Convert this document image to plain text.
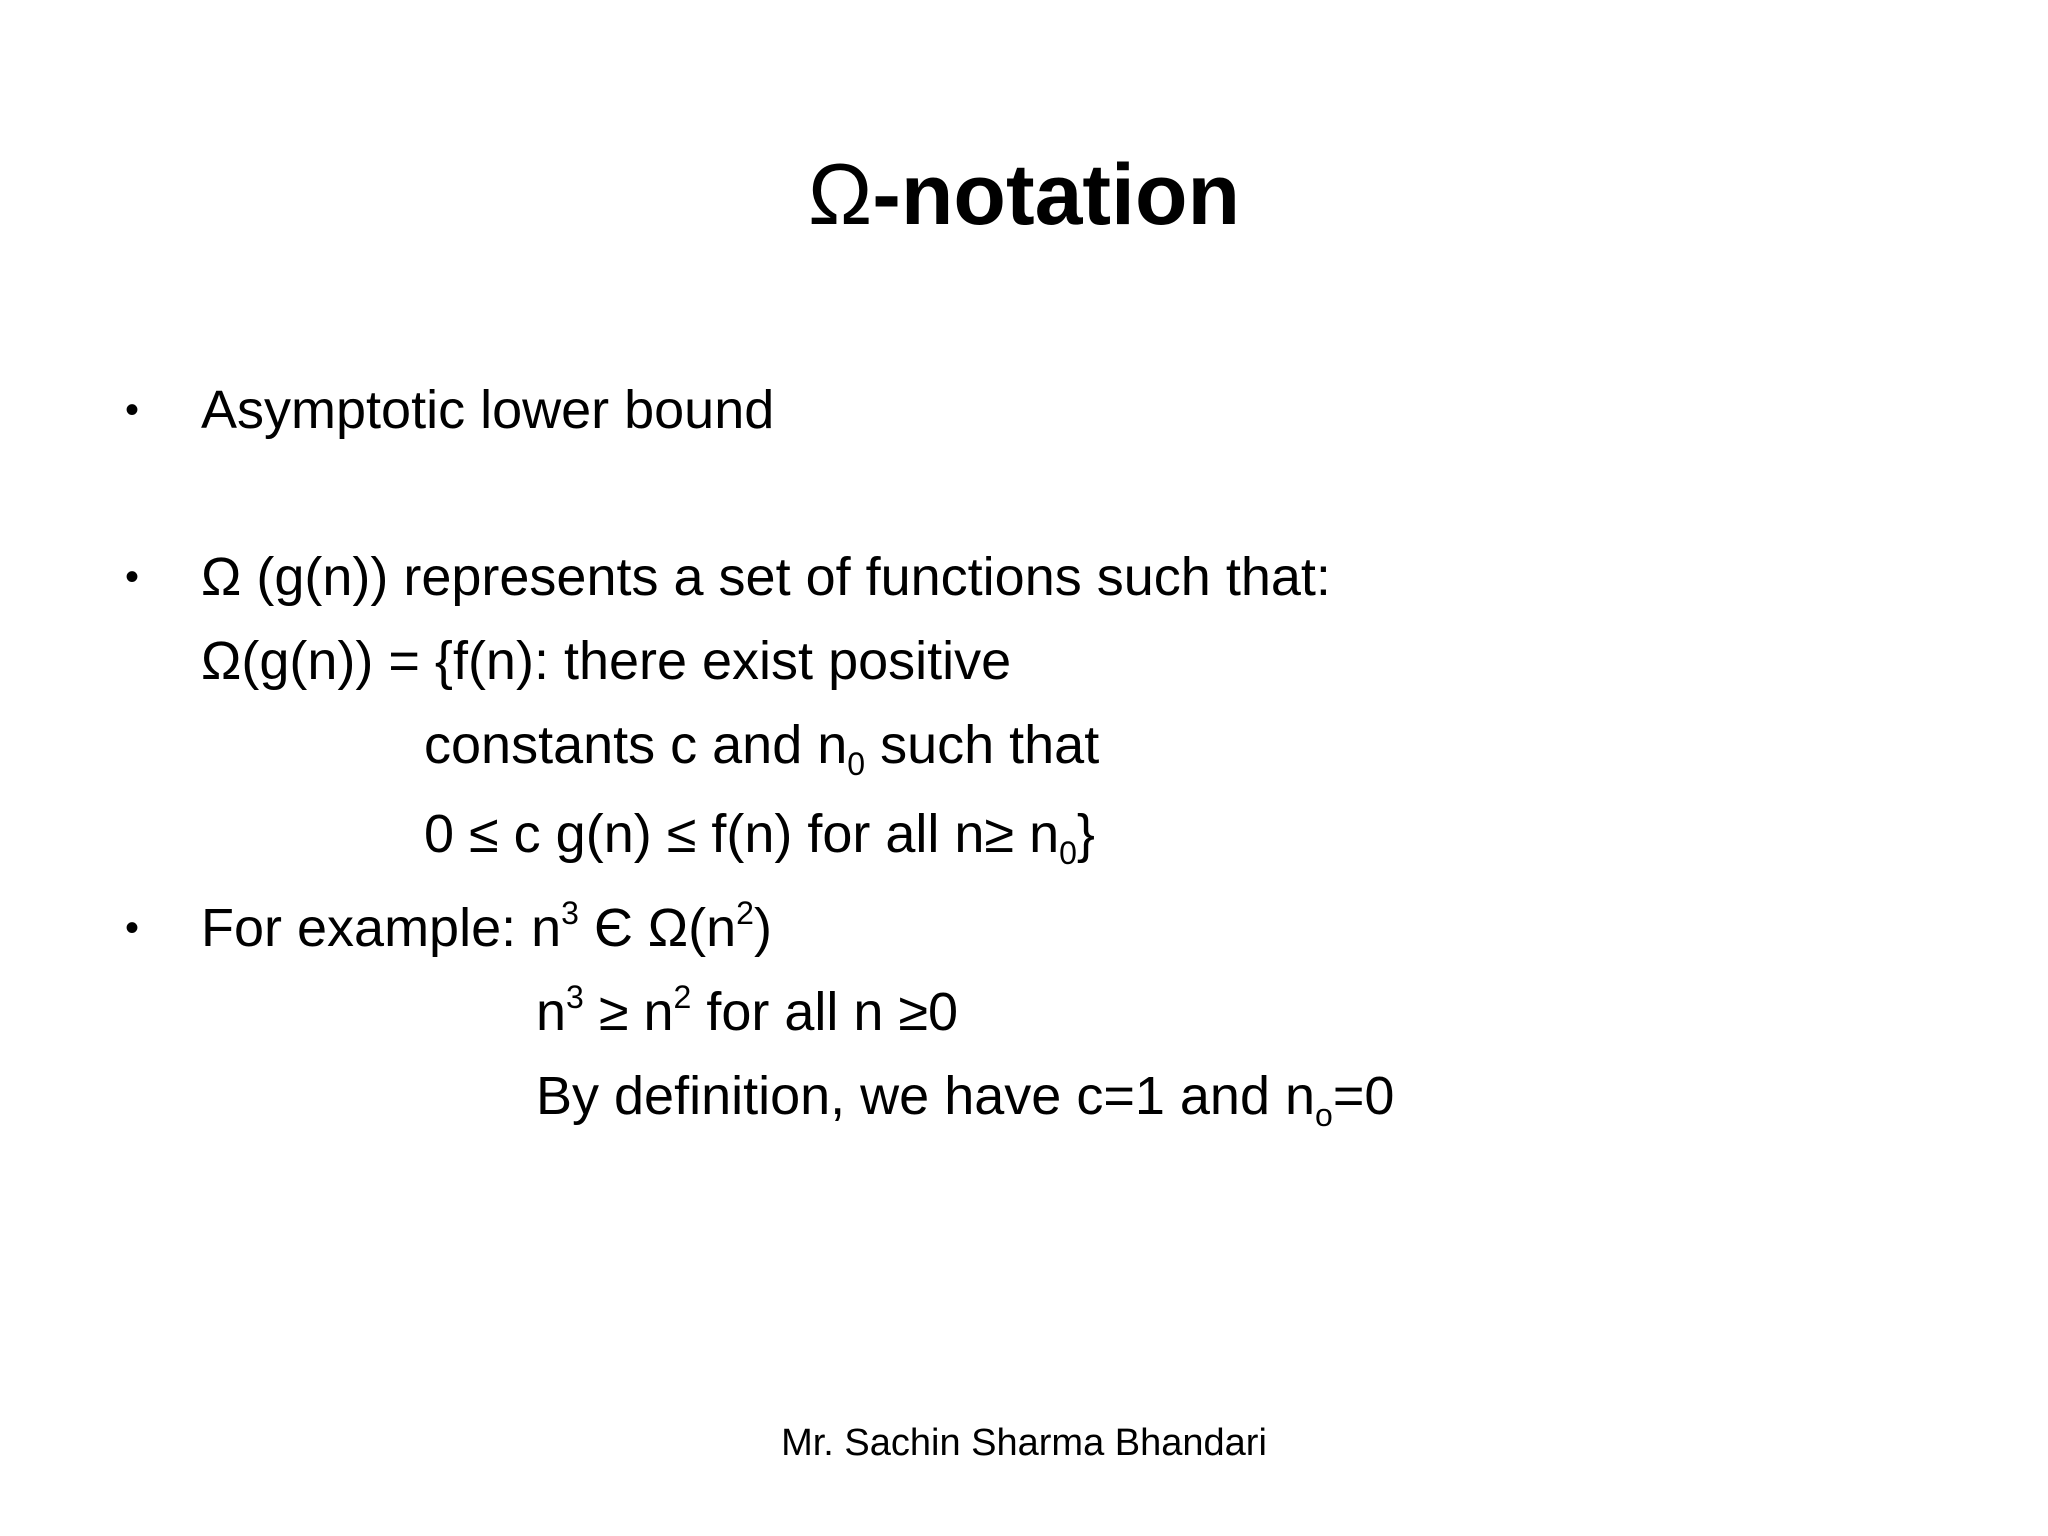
Ω-notation
• Asymptotic lower bound
• Ω (g(n)) represents a set of functions such that:
Ω(g(n)) = {f(n): there exist positive
constants c and $n_0$ such that
0 ≤ c g(n) ≤ f(n) for all $n\ge n_0$}
• For example: $n^3$ Є $\Omega(n^2)$
$n^3 \ge n^2$ for all n ≥0
By definition, we have c=1 and $n_o=0$
Mr. Sachin Sharma Bhandari
